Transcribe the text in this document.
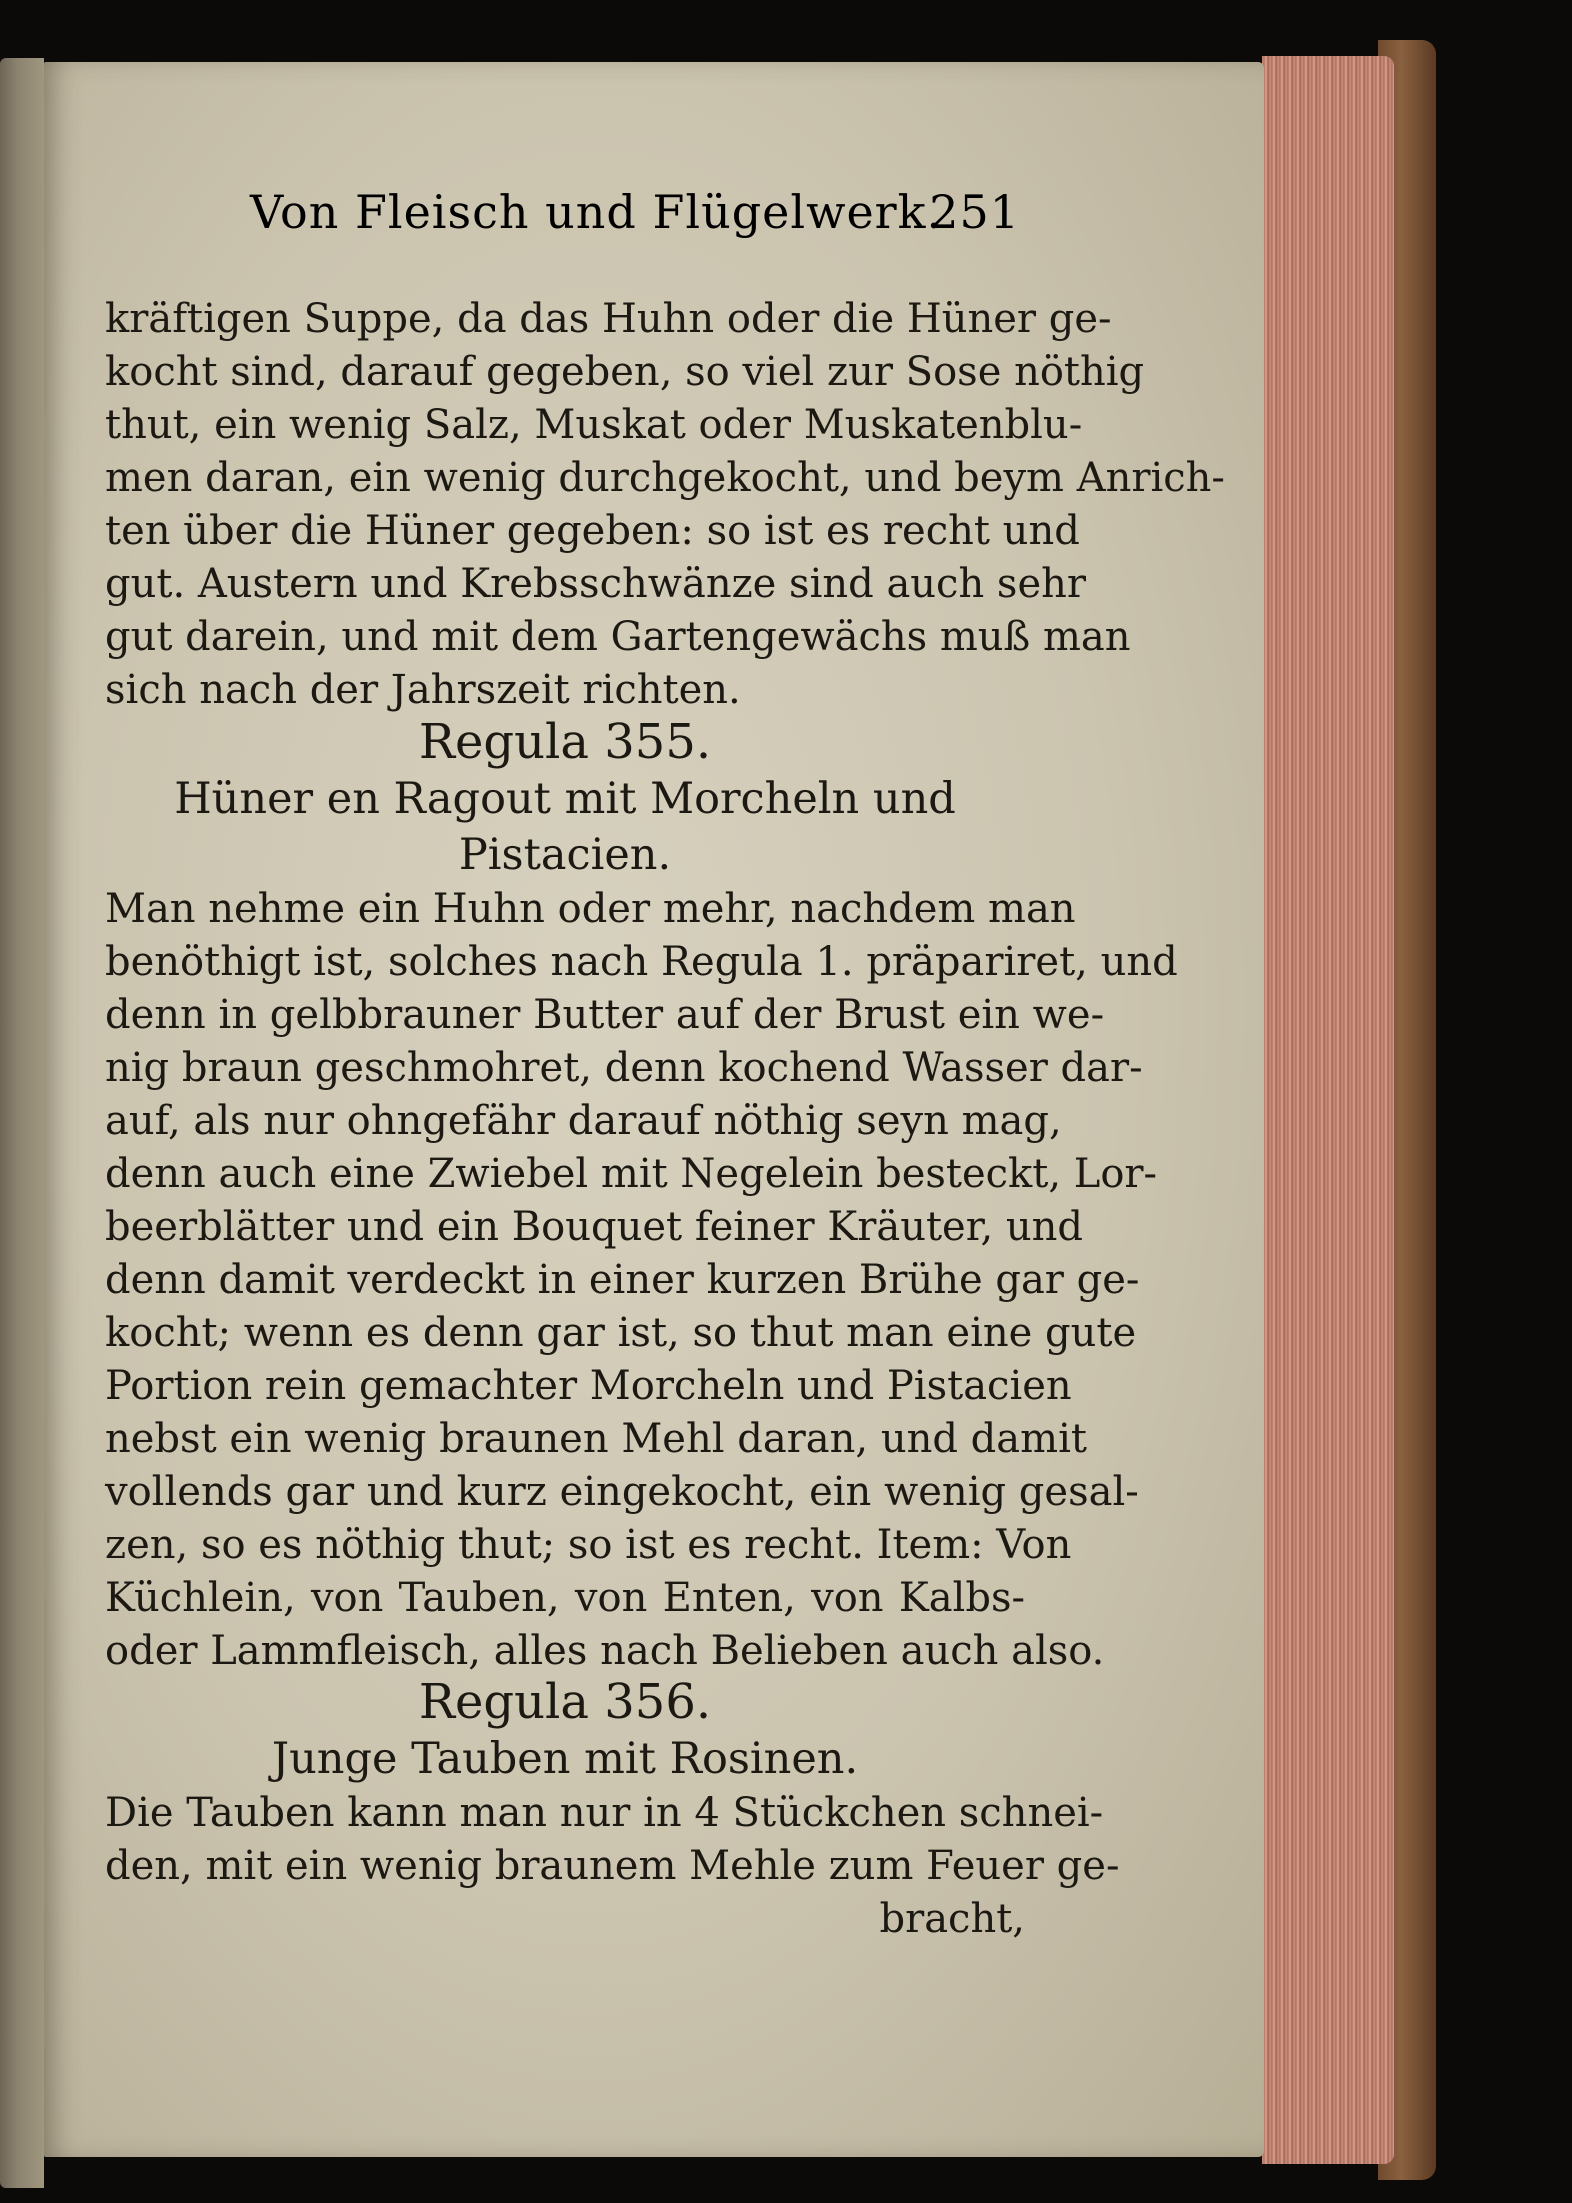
Von Fleisch und Flügelwerk.
251
kräftigen Suppe, da das Huhn oder die Hüner ge-
kocht sind, darauf gegeben, so viel zur Sose nöthig
thut, ein wenig Salz, Muskat oder Muskatenblu-
men daran, ein wenig durchgekocht, und beym Anrich-
ten über die Hüner gegeben: so ist es recht und
gut. Austern und Krebsschwänze sind auch sehr
gut darein, und mit dem Gartengewächs muß man
sich nach der Jahrszeit richten.
Regula 355.
Hüner en Ragout mit Morcheln und
Pistacien.
Man nehme ein Huhn oder mehr, nachdem man
benöthigt ist, solches nach Regula 1. präpariret, und
denn in gelbbrauner Butter auf der Brust ein we-
nig braun geschmohret, denn kochend Wasser dar-
auf, als nur ohngefähr darauf nöthig seyn mag,
denn auch eine Zwiebel mit Negelein besteckt, Lor-
beerblätter und ein Bouquet feiner Kräuter, und
denn damit verdeckt in einer kurzen Brühe gar ge-
kocht; wenn es denn gar ist, so thut man eine gute
Portion rein gemachter Morcheln und Pistacien
nebst ein wenig braunen Mehl daran, und damit
vollends gar und kurz eingekocht, ein wenig gesal-
zen, so es nöthig thut; so ist es recht. Item: Von
Küchlein, von Tauben, von Enten, von Kalbs-
oder Lammfleisch, alles nach Belieben auch also.
Regula 356.
Junge Tauben mit Rosinen.
Die Tauben kann man nur in 4 Stückchen schnei-
den, mit ein wenig braunem Mehle zum Feuer ge-
bracht,
